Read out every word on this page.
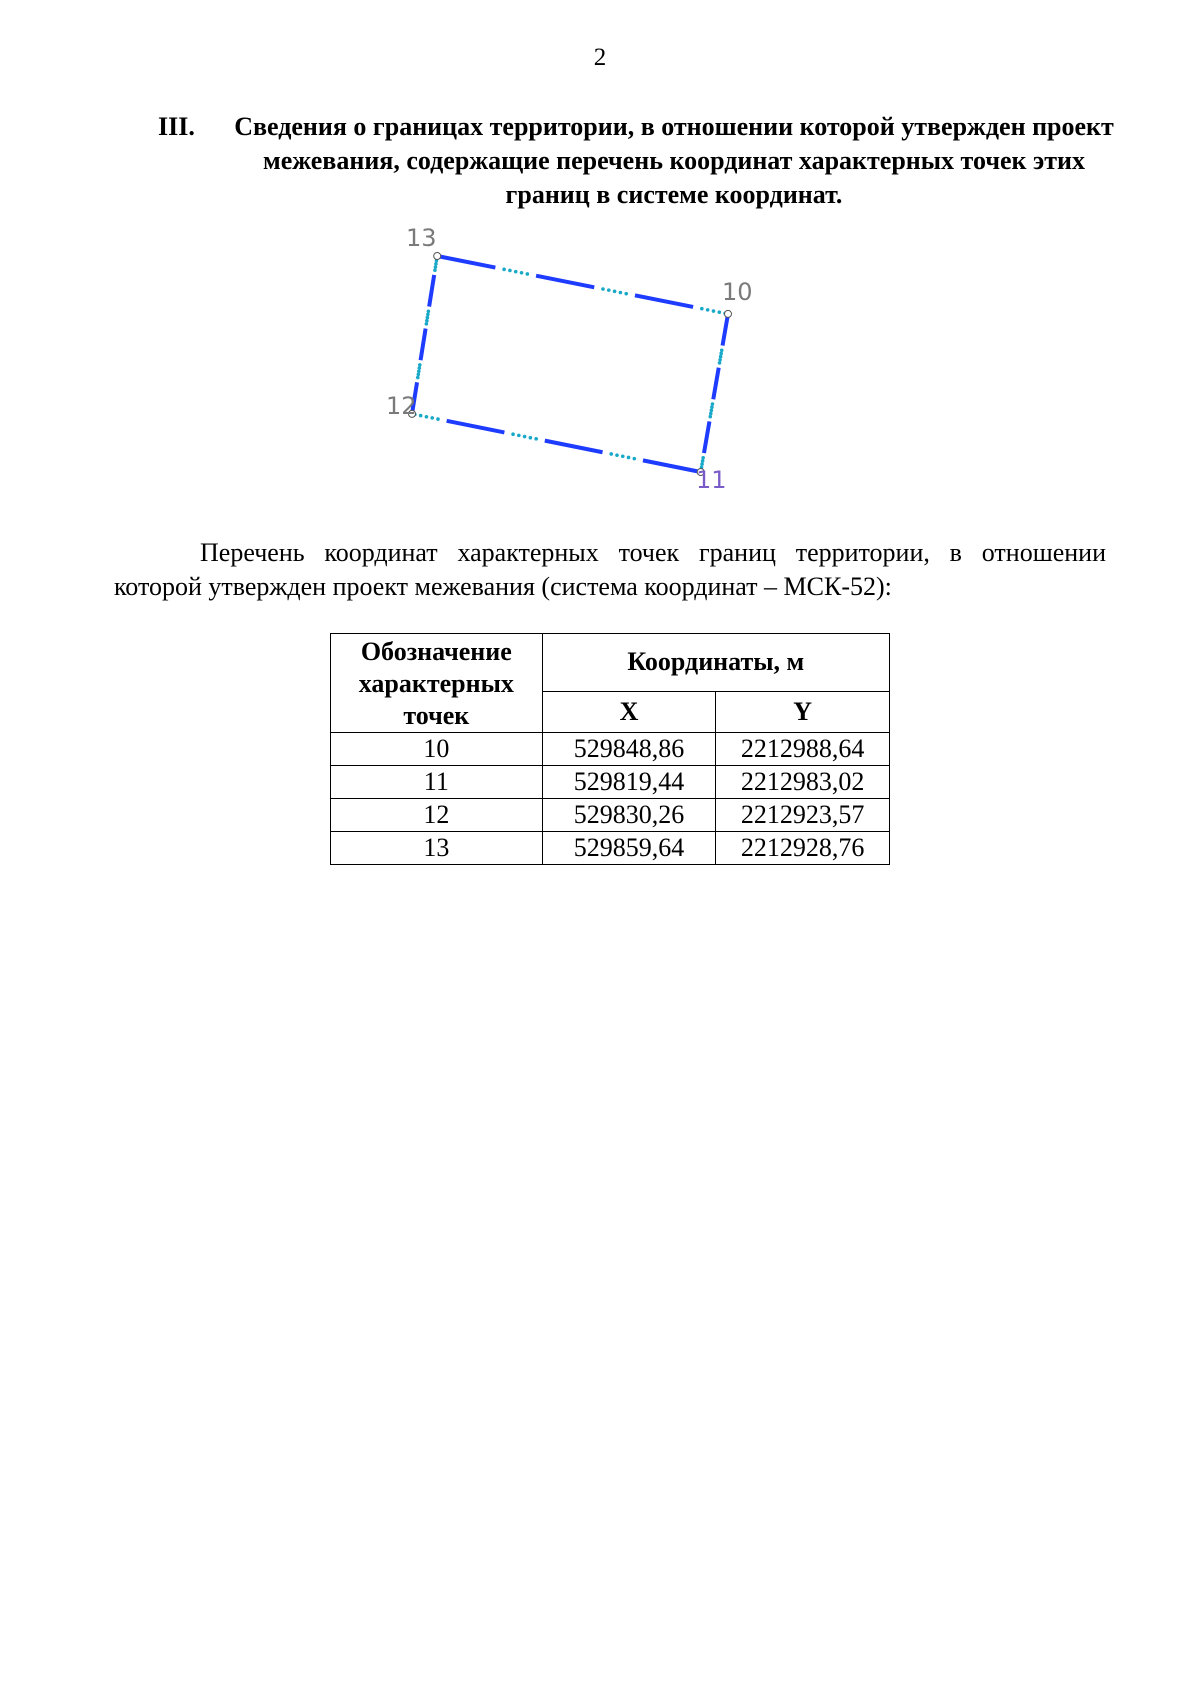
2
III. Сведения о границах территории, в отношении которой утвержден проект межевания, содержащие перечень координат характерных точек этих границ в системе координат.
13
10
11
12
Перечень координат характерных точек границ территории, в отношении которой утвержден проект межевания (система координат – МСК-52):
Обозначение характерных точек	Координаты, м	
	X	Y
10	529848,86	2212988,64
11	529819,44	2212983,02
12	529830,26	2212923,57
13	529859,64	2212928,76
